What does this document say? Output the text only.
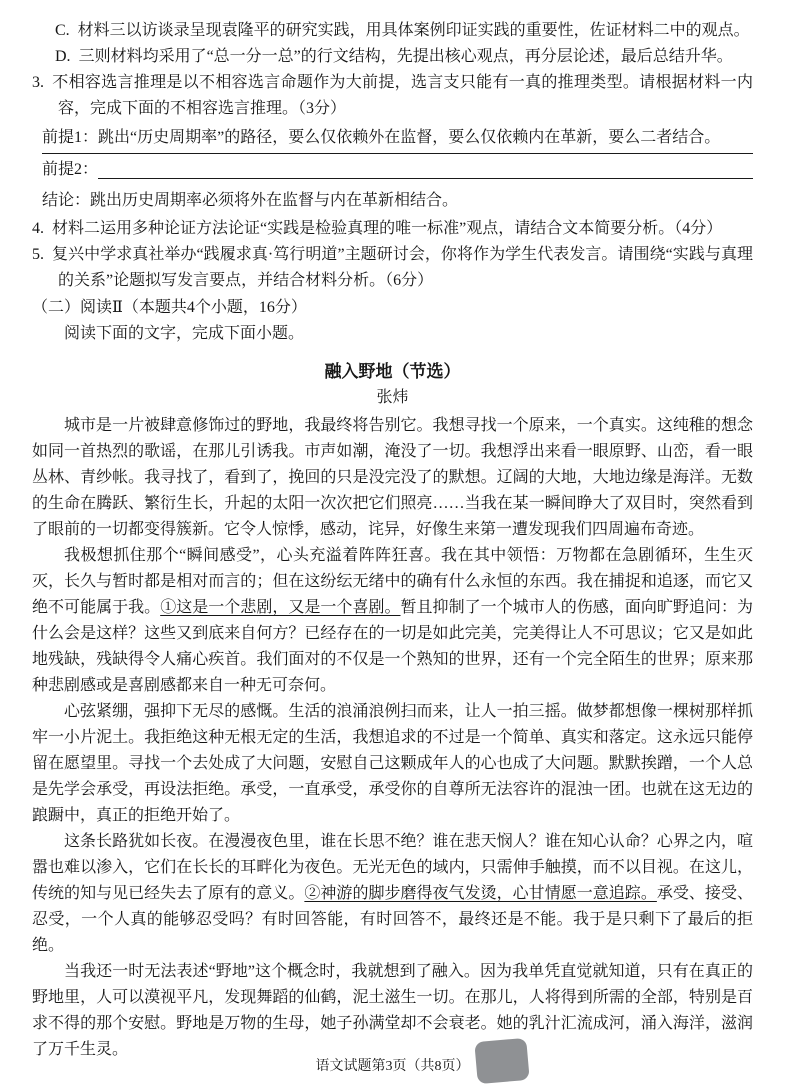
C. 材料三以访谈录呈现袁隆平的研究实践，用具体案例印证实践的重要性，佐证材料二中的观点。

D. 三则材料均采用了“总一分一总”的行文结构，先提出核心观点，再分层论述，最后总结升华。

3. 不相容选言推理是以不相容选言命题作为大前提，选言支只能有一真的推理类型。请根据材料一内容，完成下面的不相容选言推理。（3分）

前提1：跳出“历史周期率”的路径，要么仅依赖外在监督，要么仅依赖内在革新，要么二者结合。
前提2：
结论：跳出历史周期率必须将外在监督与内在革新相结合。

4. 材料二运用多种论证方法论证“实践是检验真理的唯一标准”观点，请结合文本简要分析。（4分）

5. 复兴中学求真社举办“践履求真·笃行明道”主题研讨会，你将作为学生代表发言。请围绕“实践与真理的关系”论题拟写发言要点，并结合材料分析。（6分）

（二）阅读Ⅱ（本题共4个小题，16分）

阅读下面的文字，完成下面小题。

融入野地（节选）

张炜

城市是一片被肆意修饰过的野地，我最终将告别它。我想寻找一个原来，一个真实。这纯稚的想念如同一首热烈的歌谣，在那儿引诱我。市声如潮，淹没了一切。我想浮出来看一眼原野、山峦，看一眼丛林、青纱帐。我寻找了，看到了，挽回的只是没完没了的默想。辽阔的大地，大地边缘是海洋。无数的生命在腾跃、繁衍生长，升起的太阳一次次把它们照亮……当我在某一瞬间睁大了双目时，突然看到了眼前的一切都变得簇新。它令人惊悸，感动，诧异，好像生来第一遭发现我们四周遍布奇迹。

我极想抓住那个“瞬间感受”，心头充溢着阵阵狂喜。我在其中领悟：万物都在急剧循环，生生灭灭，长久与暂时都是相对而言的；但在这纷纭无绪中的确有什么永恒的东西。我在捕捉和追逐，而它又绝不可能属于我。①这是一个悲剧，又是一个喜剧。暂且抑制了一个城市人的伤感，面向旷野追问：为什么会是这样？这些又到底来自何方？已经存在的一切是如此完美，完美得让人不可思议；它又是如此地残缺，残缺得令人痛心疾首。我们面对的不仅是一个熟知的世界，还有一个完全陌生的世界；原来那种悲剧感或是喜剧感都来自一种无可奈何。

心弦紧绷，强抑下无尽的感慨。生活的浪涌浪例扫而来，让人一拍三摇。做梦都想像一棵树那样抓牢一小片泥土。我拒绝这种无根无定的生活，我想追求的不过是一个简单、真实和落定。这永远只能停留在愿望里。寻找一个去处成了大问题，安慰自己这颗成年人的心也成了大问题。默默挨蹭，一个人总是先学会承受，再设法拒绝。承受，一直承受，承受你的自尊所无法容许的混浊一团。也就在这无边的踉蹰中，真正的拒绝开始了。

这条长路犹如长夜。在漫漫夜色里，谁在长思不绝？谁在悲天悯人？谁在知心认命？心界之内，喧嚣也难以渗入，它们在长长的耳畔化为夜色。无光无色的域内，只需伸手触摸，而不以目视。在这儿，传统的知与见已经失去了原有的意义。②神游的脚步磨得夜气发烫，心甘情愿一意追踪。承受、接受、忍受，一个人真的能够忍受吗？有时回答能，有时回答不，最终还是不能。我于是只剩下了最后的拒绝。

当我还一时无法表述“野地”这个概念时，我就想到了融入。因为我单凭直觉就知道，只有在真正的野地里，人可以漠视平凡，发现舞蹈的仙鹤，泥土滋生一切。在那儿，人将得到所需的全部，特别是百求不得的那个安慰。野地是万物的生母，她子孙满堂却不会衰老。她的乳汁汇流成河，涌入海洋，滋润了万千生灵。

语文试题第3页（共8页）
